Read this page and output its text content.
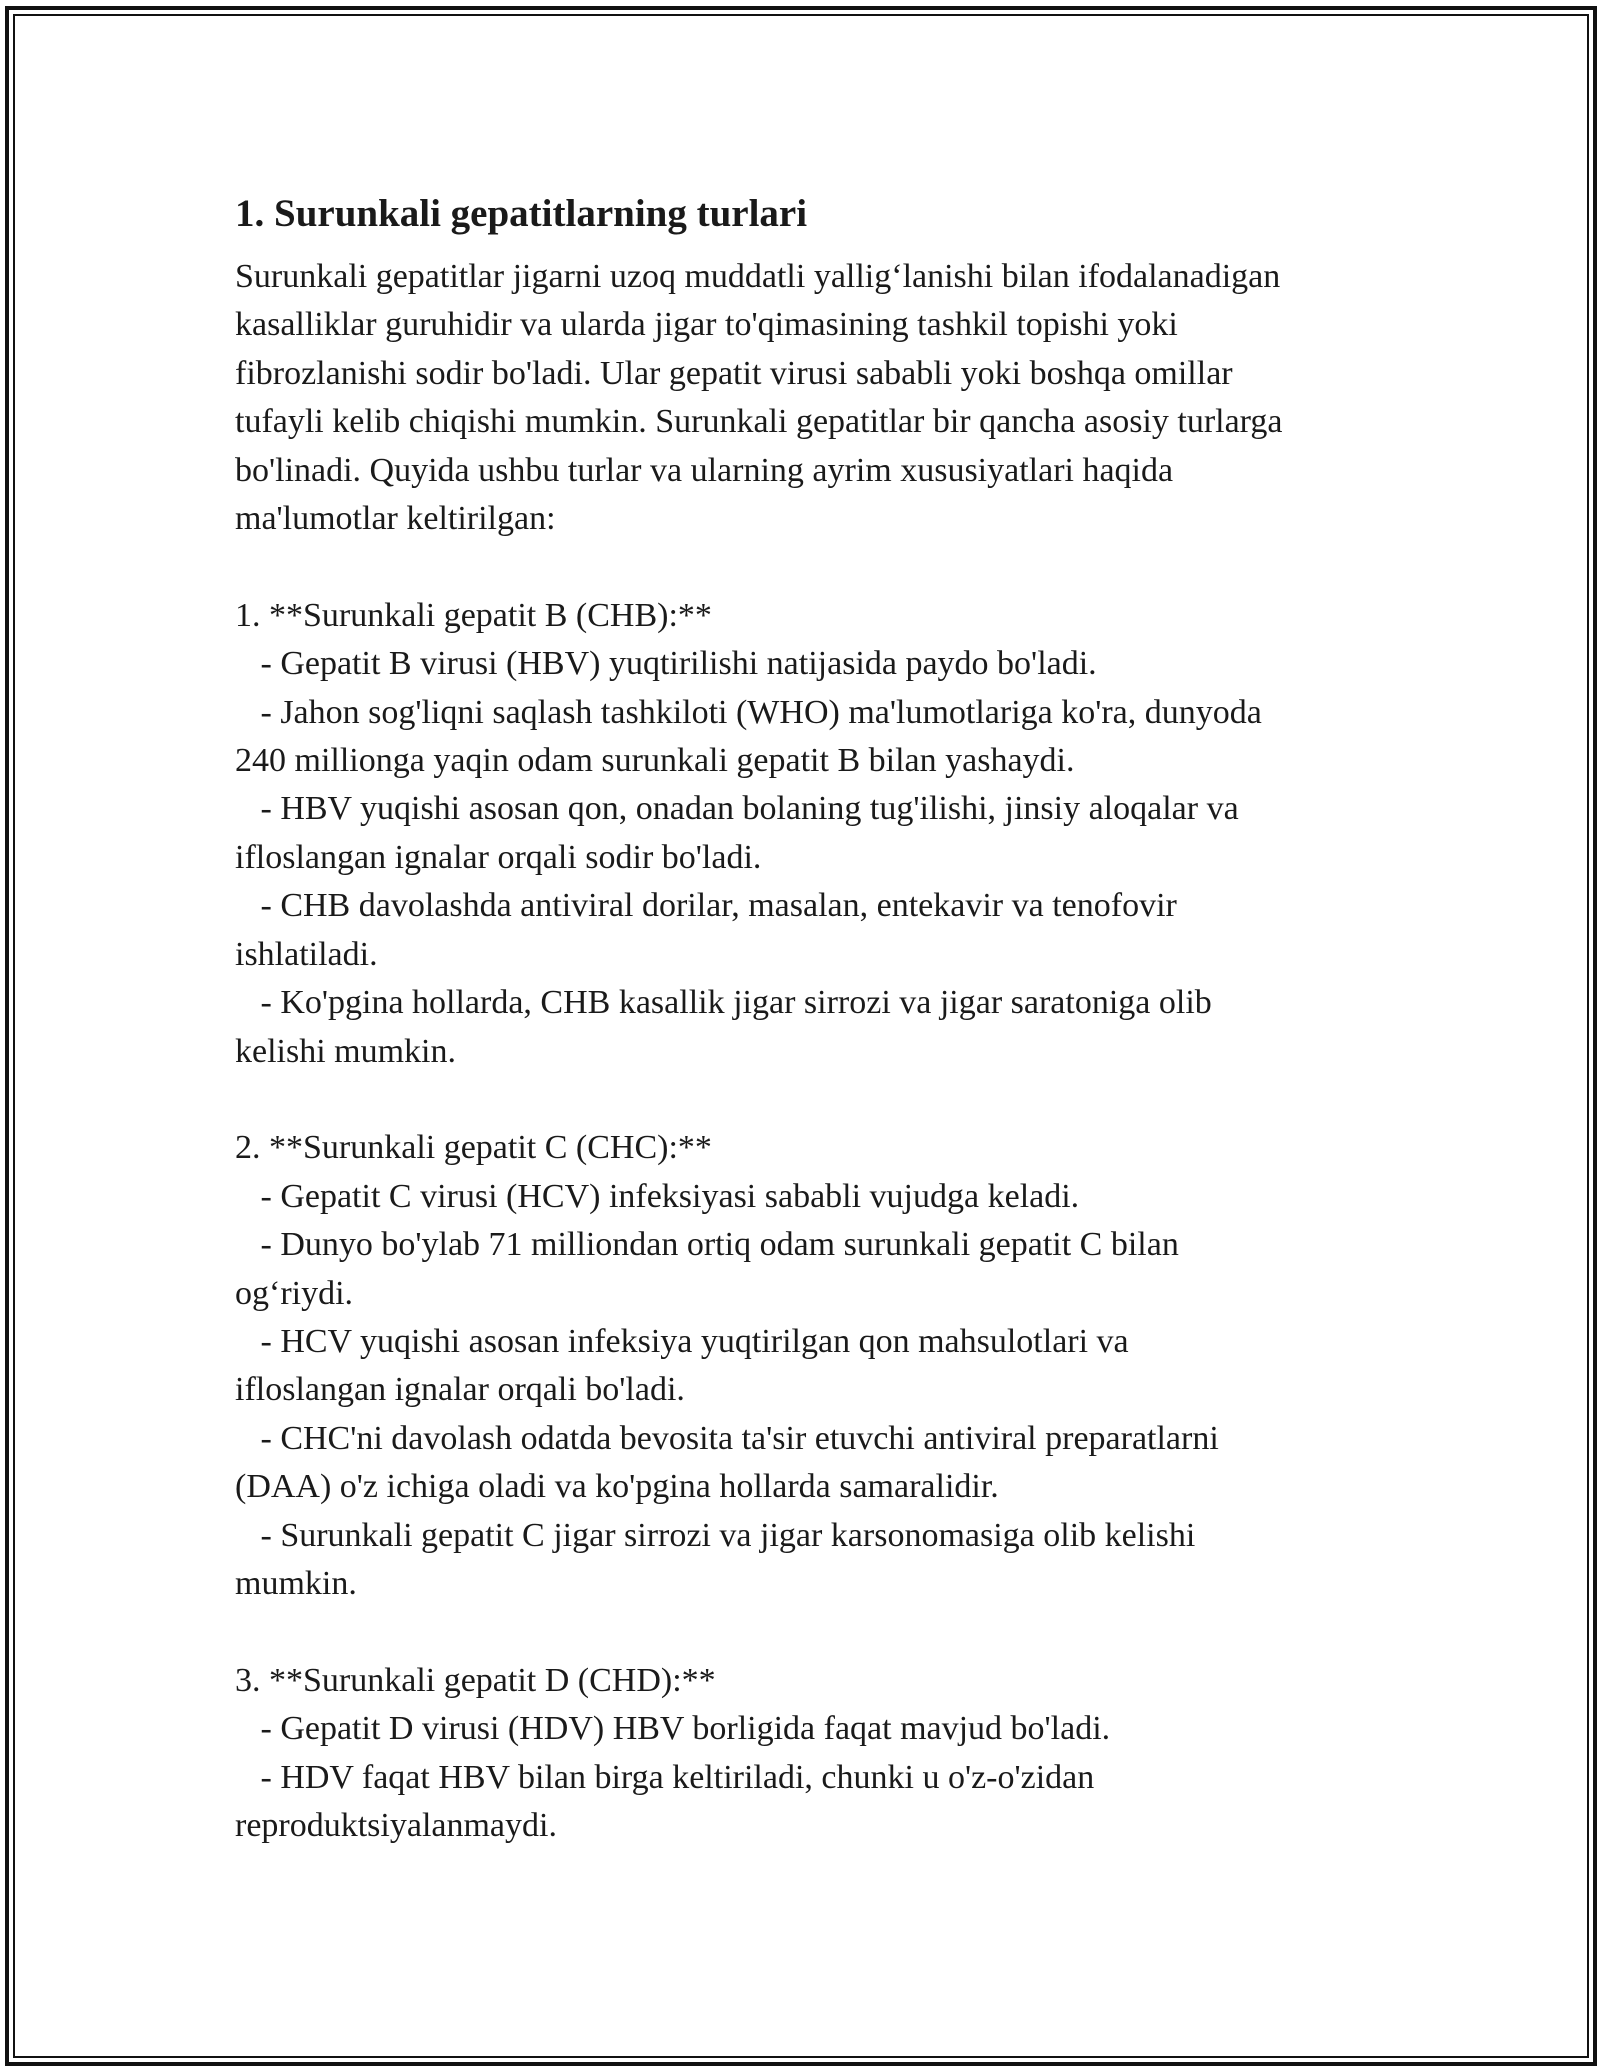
1. Surunkali gepatitlarning turlari

Surunkali gepatitlar jigarni uzoq muddatli yallig‘lanishi bilan ifodalanadigan
kasalliklar guruhidir va ularda jigar to'qimasining tashkil topishi yoki
fibrozlanishi sodir bo'ladi. Ular gepatit virusi sababli yoki boshqa omillar
tufayli kelib chiqishi mumkin. Surunkali gepatitlar bir qancha asosiy turlarga
bo'linadi. Quyida ushbu turlar va ularning ayrim xususiyatlari haqida
ma'lumotlar keltirilgan:

1. **Surunkali gepatit B (CHB):**
- Gepatit B virusi (HBV) yuqtirilishi natijasida paydo bo'ladi.
- Jahon sog'liqni saqlash tashkiloti (WHO) ma'lumotlariga ko'ra, dunyoda
240 millionga yaqin odam surunkali gepatit B bilan yashaydi.
- HBV yuqishi asosan qon, onadan bolaning tug'ilishi, jinsiy aloqalar va
ifloslangan ignalar orqali sodir bo'ladi.
- CHB davolashda antiviral dorilar, masalan, entekavir va tenofovir
ishlatiladi.
- Ko'pgina hollarda, CHB kasallik jigar sirrozi va jigar saratoniga olib
kelishi mumkin.

2. **Surunkali gepatit C (CHC):**
- Gepatit C virusi (HCV) infeksiyasi sababli vujudga keladi.
- Dunyo bo'ylab 71 milliondan ortiq odam surunkali gepatit C bilan
og‘riydi.
- HCV yuqishi asosan infeksiya yuqtirilgan qon mahsulotlari va
ifloslangan ignalar orqali bo'ladi.
- CHC'ni davolash odatda bevosita ta'sir etuvchi antiviral preparatlarni
(DAA) o'z ichiga oladi va ko'pgina hollarda samaralidir.
- Surunkali gepatit C jigar sirrozi va jigar karsonomasiga olib kelishi
mumkin.

3. **Surunkali gepatit D (CHD):**
- Gepatit D virusi (HDV) HBV borligida faqat mavjud bo'ladi.
- HDV faqat HBV bilan birga keltiriladi, chunki u o'z-o'zidan
reproduktsiyalanmaydi.
